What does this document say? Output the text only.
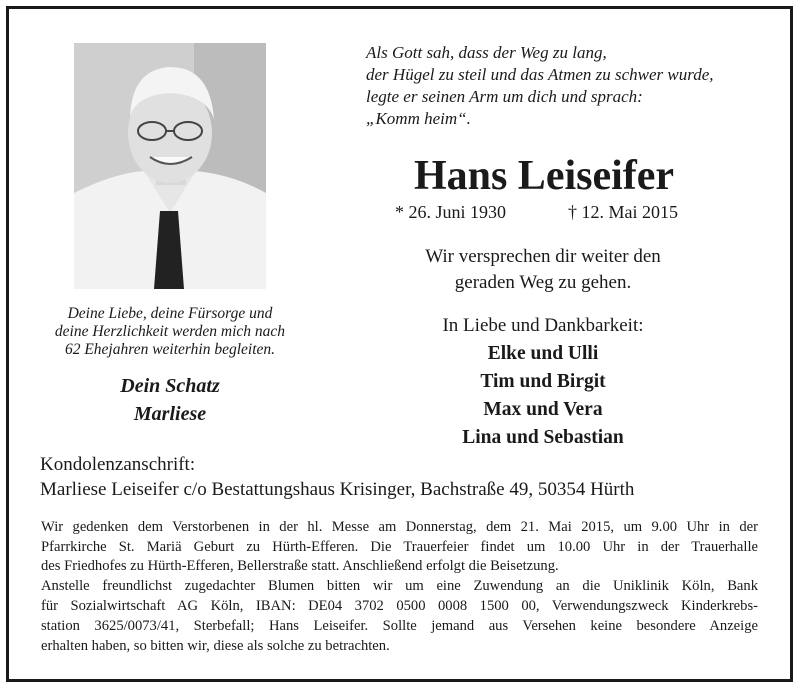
Deine Liebe, deine Fürsorge und
deine Herzlichkeit werden mich nach
62 Ehejahren weiterhin begleiten.
Dein Schatz
Marliese
Als Gott sah, dass der Weg zu lang,
der Hügel zu steil und das Atmen zu schwer wurde,
legte er seinen Arm um dich und sprach:
„Komm heim“.
Hans Leiseifer
* 26. Juni 1930	† 12. Mai 2015
Wir versprechen dir weiter den
geraden Weg zu gehen.
In Liebe und Dankbarkeit:
Elke und Ulli
Tim und Birgit
Max und Vera
Lina und Sebastian
Kondolenzanschrift:
Marliese Leiseifer c/o Bestattungshaus Krisinger, Bachstraße 49, 50354 Hürth
Wir gedenken dem Verstorbenen in der hl. Messe am Donnerstag, dem 21. Mai 2015, um 9.00 Uhr in der
Pfarrkirche St. Mariä Geburt zu Hürth-Efferen. Die Trauerfeier findet um 10.00 Uhr in der Trauerhalle
des Friedhofes zu Hürth-Efferen, Bellerstraße statt. Anschließend erfolgt die Beisetzung.
Anstelle freundlichst zugedachter Blumen bitten wir um eine Zuwendung an die Uniklinik Köln, Bank
für Sozialwirtschaft AG Köln, IBAN: DE04 3702 0500 0008 1500 00, Verwendungszweck Kinderkrebs-
station 3625/0073/41, Sterbefall; Hans Leiseifer. Sollte jemand aus Versehen keine besondere Anzeige
erhalten haben, so bitten wir, diese als solche zu betrachten.
